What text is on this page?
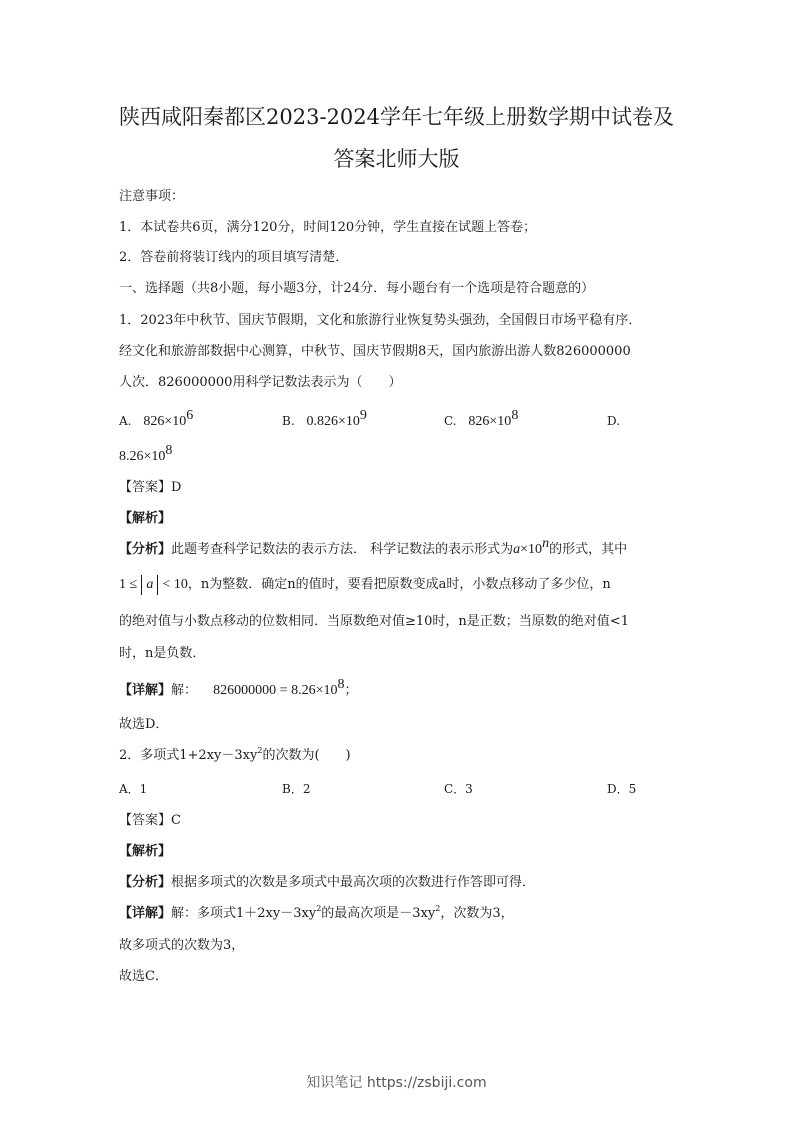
陕西咸阳秦都区2023-2024学年七年级上册数学期中试卷及
答案北师大版
注意事项：
1．本试卷共6页，满分120分，时间120分钟，学生直接在试题上答卷；
2．答卷前将装订线内的项目填写清楚．
一、选择题（共8小题，每小题3分，计24分．每小题台有一个选项是符合题意的）
1．2023年中秋节、国庆节假期，文化和旅游行业恢复势头强劲，全国假日市场平稳有序．
经文化和旅游部数据中心测算，中秋节、国庆节假期8天，国内旅游出游人数826000000
人次．826000000用科学记数法表示为（　　）
A. $826\times 10^6$	B. $0.826\times 10^9$	C. $826\times 10^8$	D.
$8.26\times 10^8$
【答案】D
【解析】
【分析】此题考查科学记数法的表示方法． 科学记数法的表示形式为$a\times 10^n$的形式，其中
1 ≤ a < 10，n为整数．确定n的值时，要看把原数变成a时，小数点移动了多少位，n
的绝对值与小数点移动的位数相同．当原数绝对值≥10时，n是正数；当原数的绝对值<1
时，n是负数．
【详解】解： $826000000 = 8.26\times 10^8$；
故选D．
2．多项式$1+2xy-3xy^2$的次数为(　　)
A．1	B．2	C．3	D．5
【答案】C
【解析】
【分析】根据多项式的次数是多项式中最高次项的次数进行作答即可得．
【详解】解：多项式$1+2xy-3xy^2$的最高次项是$-3xy^2$，次数为3，
故多项式的次数为3，
故选C．
知识笔记 https://zsbiji.com
